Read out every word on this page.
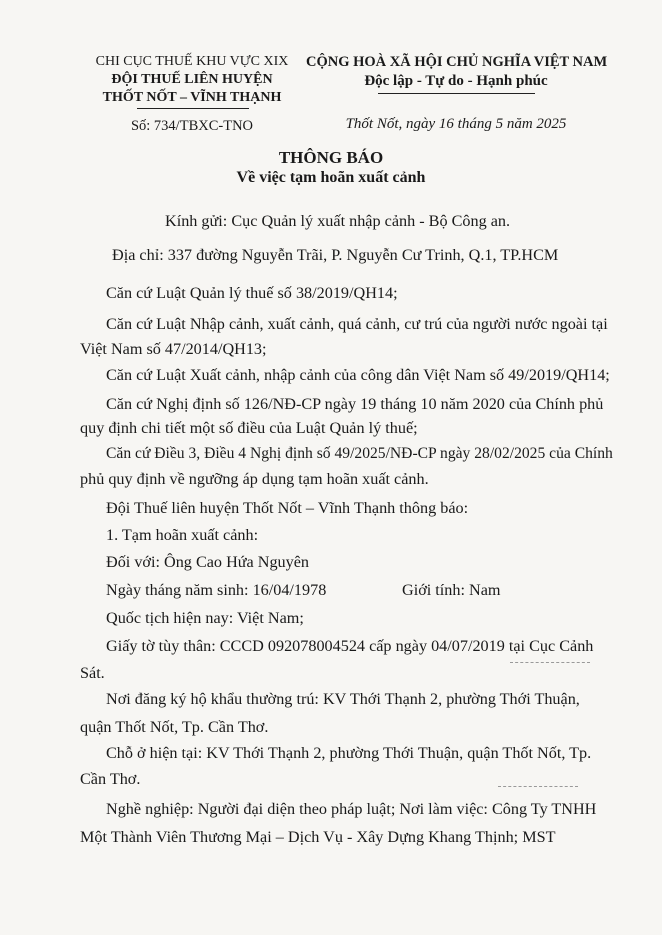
CHI CỤC THUẾ KHU VỰC XIX
ĐỘI THUẾ LIÊN HUYỆN
THỐT NỐT – VĨNH THẠNH
Số: 734/TBXC-TNO
CỘNG HOÀ XÃ HỘI CHỦ NGHĨA VIỆT NAM
Độc lập - Tự do - Hạnh phúc
Thốt Nốt, ngày 16 tháng 5 năm 2025
THÔNG BÁO
Về việc tạm hoãn xuất cảnh
Kính gửi: Cục Quản lý xuất nhập cảnh - Bộ Công an.
Địa chỉ: 337 đường Nguyễn Trãi, P. Nguyễn Cư Trinh, Q.1, TP.HCM
Căn cứ Luật Quản lý thuế số 38/2019/QH14;
Căn cứ Luật Nhập cảnh, xuất cảnh, quá cảnh, cư trú của người nước ngoài tại
Việt Nam số 47/2014/QH13;
Căn cứ Luật Xuất cảnh, nhập cảnh của công dân Việt Nam số 49/2019/QH14;
Căn cứ Nghị định số 126/NĐ-CP ngày 19 tháng 10 năm 2020 của Chính phủ
quy định chi tiết một số điều của Luật Quản lý thuế;
Căn cứ Điều 3, Điều 4 Nghị định số 49/2025/NĐ-CP ngày 28/02/2025 của Chính
phủ quy định về ngưỡng áp dụng tạm hoãn xuất cảnh.
Đội Thuế liên huyện Thốt Nốt – Vĩnh Thạnh thông báo:
1. Tạm hoãn xuất cảnh:
Đối với: Ông Cao Hứa Nguyên
Ngày tháng năm sinh: 16/04/1978	Giới tính: Nam
Quốc tịch hiện nay: Việt Nam;
Giấy tờ tùy thân: CCCD 092078004524 cấp ngày 04/07/2019 tại Cục Cảnh
Sát.
Nơi đăng ký hộ khẩu thường trú: KV Thới Thạnh 2, phường Thới Thuận,
quận Thốt Nốt, Tp. Cần Thơ.
Chỗ ở hiện tại: KV Thới Thạnh 2, phường Thới Thuận, quận Thốt Nốt, Tp.
Cần Thơ.
Nghề nghiệp: Người đại diện theo pháp luật; Nơi làm việc: Công Ty TNHH
Một Thành Viên Thương Mại – Dịch Vụ - Xây Dựng Khang Thịnh; MST
